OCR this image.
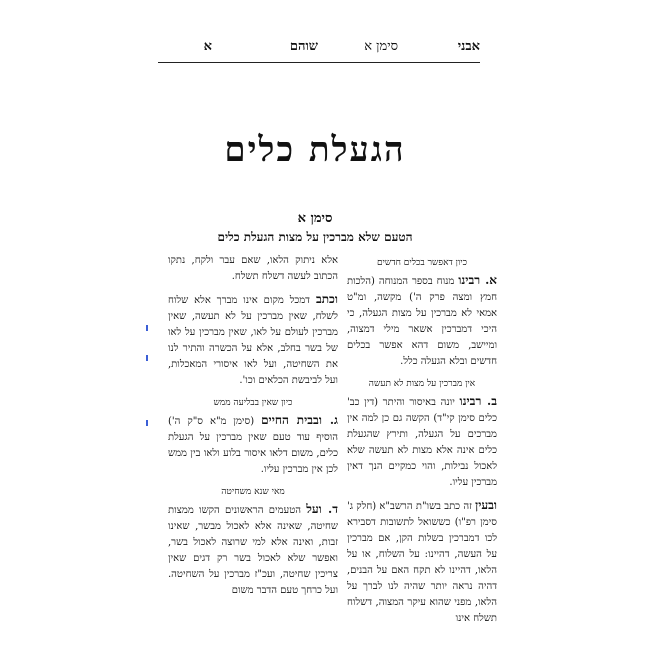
אבני
סימן א
שוהם
א
הגעלת כלים
סימן א
הטעם שלא מברכין על מצות הגעלת כלים
כיון דאפשר בכלים חדשים

א. רבינו מנוח בספר המנוחה (הלכות חמץ ומצה פרק ה') מקשה, ומ"ט אמאי לא מברכין על מצות הגעלה, כי היכי דמברכין אשאר מילי דמצוה, ומיישב, משום דהא אפשר בכלים חדשים ובלא הגעלה כלל.

אין מברכין על מצות לא תעשה

ב. רבינו יונה באיסור והיתר (דין כב' כלים סימן קי"ד) הקשה גם כן למה אין מברכים על הגעלה, ותירץ שהגעלת כלים אינה אלא מצות לא תעשה שלא לאכול נבילות, והוי כמקיים הנך דאין מברכין עליו.

ובעין זה כתב בשו"ת הרשב"א (חלק ג' סימן רפ"ו) כששואל לתשובות דסבירא לכו דמברכין בשלות הקן, אם מברכין על העשה, דהיינו: על השלוח, או על הלאו, דהיינו לא תקח האם על הבנים, דהיה נראה יותר שהיה לנו לברך על הלאו, מפני שהוא עיקר המצוה, דשלוח תשלח אינו

אלא ניתוק הלאו, שאם עבר ולקח, נתקו הכתוב לעשה דשלח תשלח.

וכתב דמכל מקום אינו מברך אלא שלוח לשלח, שאין מברכין על לא תעשה, שאין מברכין לעולם על לאו, שאין מברכין על לאו של בשר בחלב, אלא על הכשרה והתיר לנו את השחיטה, ועל לאו איסורי המאכלות, ועל לביבשת הכלאים וכו'.

כיון שאין בבליעה ממש

ג. ובבית החיים (סימן מ"א ס"ק ה') הוסיף עוד טעם שאין מברכין על הגעלת כלים, משום דלאו איסור בלוע ולאו בין ממש לכן אין מברכין עליו.

מאי שנא משחיטה

ד. ועל הטעמים הראשונים הקשו ממצות שחיטה, שאינה אלא לאכול מבשר, שאינו זבות, ואינה אלא למי שרוצה לאכול בשר, ואפשר שלא לאכול בשר רק דגים שאין צריכין שחיטה, ועכ"ז מברכין על השחיטה. ועל כרחך טעם הדבר משום
